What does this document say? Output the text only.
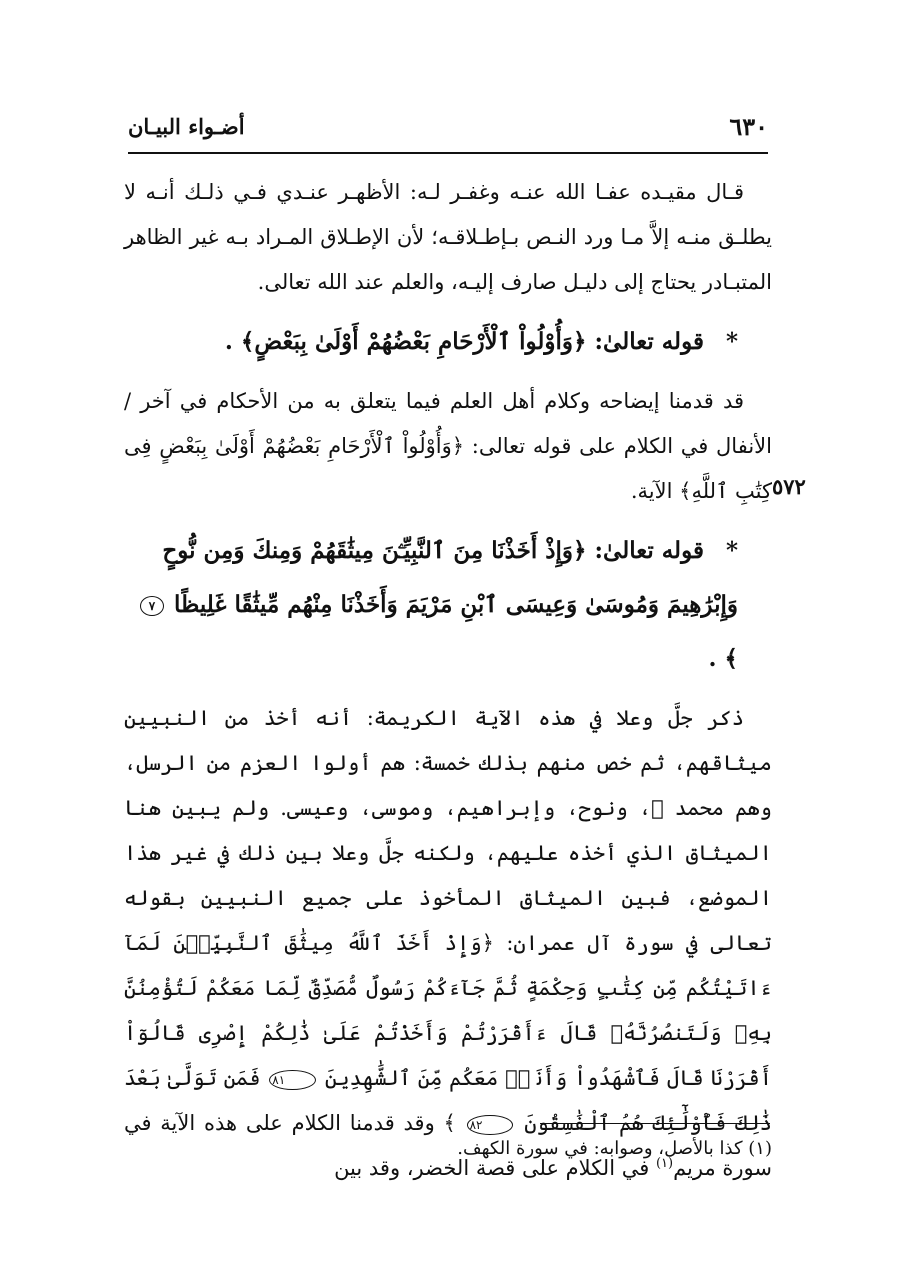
٦٣٠
أضـواء البيـان

قـال مقيـده عفـا الله عنـه وغفـر لـه: الأظهـر عنـدي فـي ذلـك أنـه لا يطلـق منـه إلاَّ مـا ورد النـص بـإطـلاقـه؛ لأن الإطـلاق المـراد بـه غير الظاهر المتبـادر يحتاج إلى دليـل صارف إليـه، والعلم عند الله تعالى.

* قوله تعالىٰ: ﴿وَأُوْلُواْ ٱلْأَرْحَامِ بَعْضُهُمْ أَوْلَىٰ بِبَعْضٍ﴾ .

قد قدمنا إيضاحه وكلام أهل العلم فيما يتعلق به من الأحكام في آخر / الأنفال في الكلام على قوله تعالى: ﴿وَأُوْلُواْ ٱلْأَرْحَامِ بَعْضُهُمْ أَوْلَىٰ بِبَعْضٍ فِى كِتَٰبِ ٱللَّهِ﴾ الآية.

* قوله تعالىٰ: ﴿وَإِذْ أَخَذْنَا مِنَ ٱلنَّبِيِّـۧنَ مِيثَٰقَهُمْ وَمِنكَ وَمِن نُّوحٍ وَإِبْرَٰهِيمَ وَمُوسَىٰ وَعِيسَى ٱبْنِ مَرْيَمَ وَأَخَذْنَا مِنْهُم مِّيثَٰقًا غَلِيظًا ٧ ﴾ .

ذكر جلَّ وعلا في هذه الآية الكريمة: أنه أخذ من النبيين ميثاقهم، ثم خص منهم بذلك خمسة: هم أولوا العزم من الرسل، وهم محمد ﷺ، ونوح، وإبراهيم، وموسى، وعيسى. ولم يبين هنا الميثاق الذي أخذه عليهم، ولكنه جلَّ وعلا بين ذلك في غير هذا الموضع، فبين الميثاق المأخوذ على جميع النبيين بقوله تعالى في سورة آل عمران: ﴿وَإِذْ أَخَذَ ٱللَّهُ مِيثَٰقَ ٱلنَّبِيِّـۧنَ لَمَآ ءَاتَيْتُكُم مِّن كِتَٰبٍ وَحِكْمَةٍ ثُمَّ جَآءَكُمْ رَسُولٌ مُّصَدِّقٌ لِّمَا مَعَكُمْ لَتُؤْمِنُنَّ بِهِۦ وَلَتَنصُرُنَّهُۥ قَالَ ءَأَقْرَرْتُمْ وَأَخَذْتُمْ عَلَىٰ ذَٰلِكُمْ إِصْرِى قَالُوٓاْ أَقْرَرْنَا قَالَ فَٱشْهَدُواْ وَأَنَا۠ مَعَكُم مِّنَ ٱلشَّٰهِدِينَ ٨١ فَمَن تَوَلَّىٰ بَعْدَ ذَٰلِكَ فَأُوْلَٰٓئِكَ هُمُ ٱلْفَٰسِقُونَ ٨٢ ﴾ وقد قدمنا الكلام على هذه الآية في سورة مريم$^{(١)}$ في الكلام على قصة الخضر، وقد بين

٥٧٢
(١) كذا بالأصل، وصوابه: في سورة الكهف.
